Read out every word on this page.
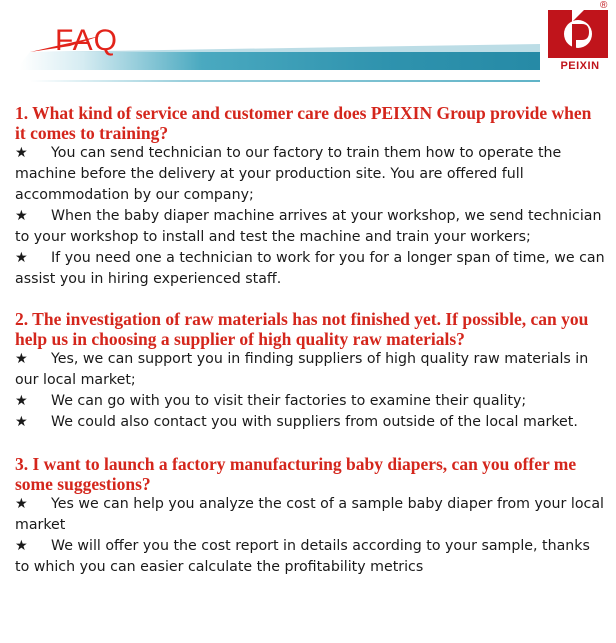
FAQ
®
PEIXIN

1. What kind of service and customer care does PEIXIN Group provide when it comes to training?

★ You can send technician to our factory to train them how to operate the machine before the delivery at your production site. You are offered full accommodation by our company;

★ When the baby diaper machine arrives at your workshop, we send technician to your workshop to install and test the machine and train your workers;

★ If you need one a technician to work for you for a longer span of time, we can assist you in hiring experienced staff.

2. The investigation of raw materials has not finished yet. If possible, can you help us in choosing a supplier of high quality raw materials?

★ Yes, we can support you in finding suppliers of high quality raw materials in our local market;

★ We can go with you to visit their factories to examine their quality;

★ We could also contact you with suppliers from outside of the local market.

3. I want to launch a factory manufacturing baby diapers, can you offer me some suggestions?

★ Yes we can help you analyze the cost of a sample baby diaper from your local market

★ We will offer you the cost report in details according to your sample, thanks to which you can easier calculate the profitability metrics
